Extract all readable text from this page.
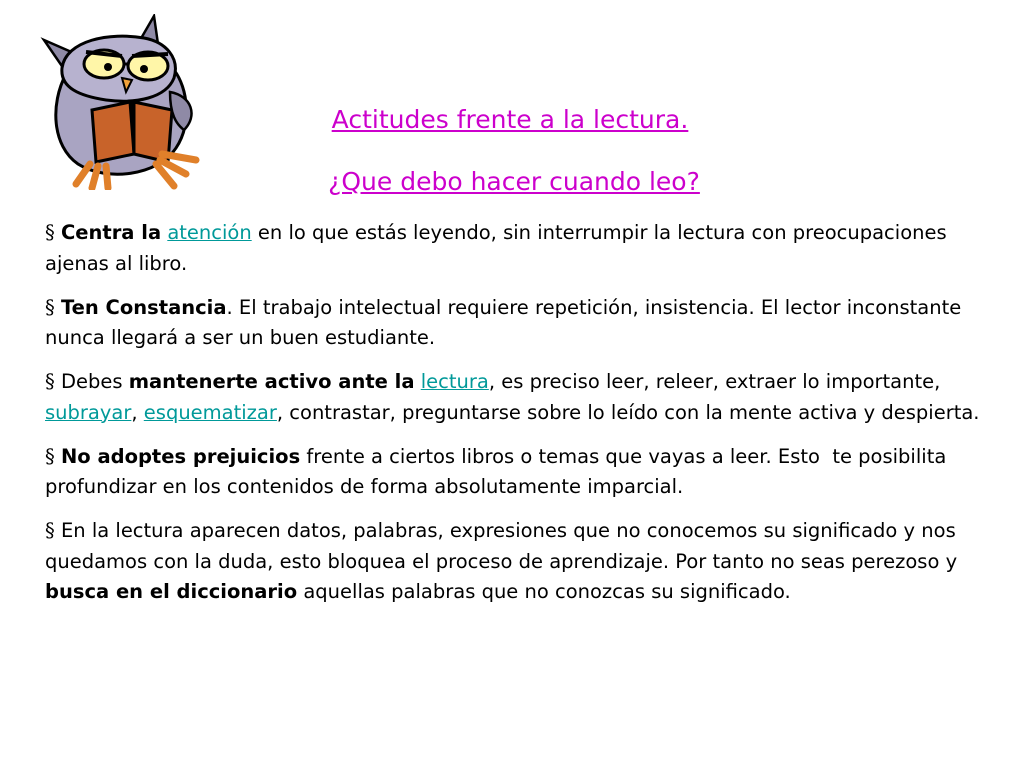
Actitudes frente a la lectura.
¿Que debo hacer cuando leo?

§ Centra la atención en lo que estás leyendo, sin interrumpir la lectura con preocupaciones ajenas al libro.

§ Ten Constancia. El trabajo intelectual requiere repetición, insistencia. El lector inconstante nunca llegará a ser un buen estudiante.

§ Debes mantenerte activo ante la lectura, es preciso leer, releer, extraer lo importante, subrayar, esquematizar, contrastar, preguntarse sobre lo leído con la mente activa y despierta.

§ No adoptes prejuicios frente a ciertos libros o temas que vayas a leer. Esto  te posibilita profundizar en los contenidos de forma absolutamente imparcial.

§ En la lectura aparecen datos, palabras, expresiones que no conocemos su significado y nos quedamos con la duda, esto bloquea el proceso de aprendizaje. Por tanto no seas perezoso y busca en el diccionario aquellas palabras que no conozcas su significado.
